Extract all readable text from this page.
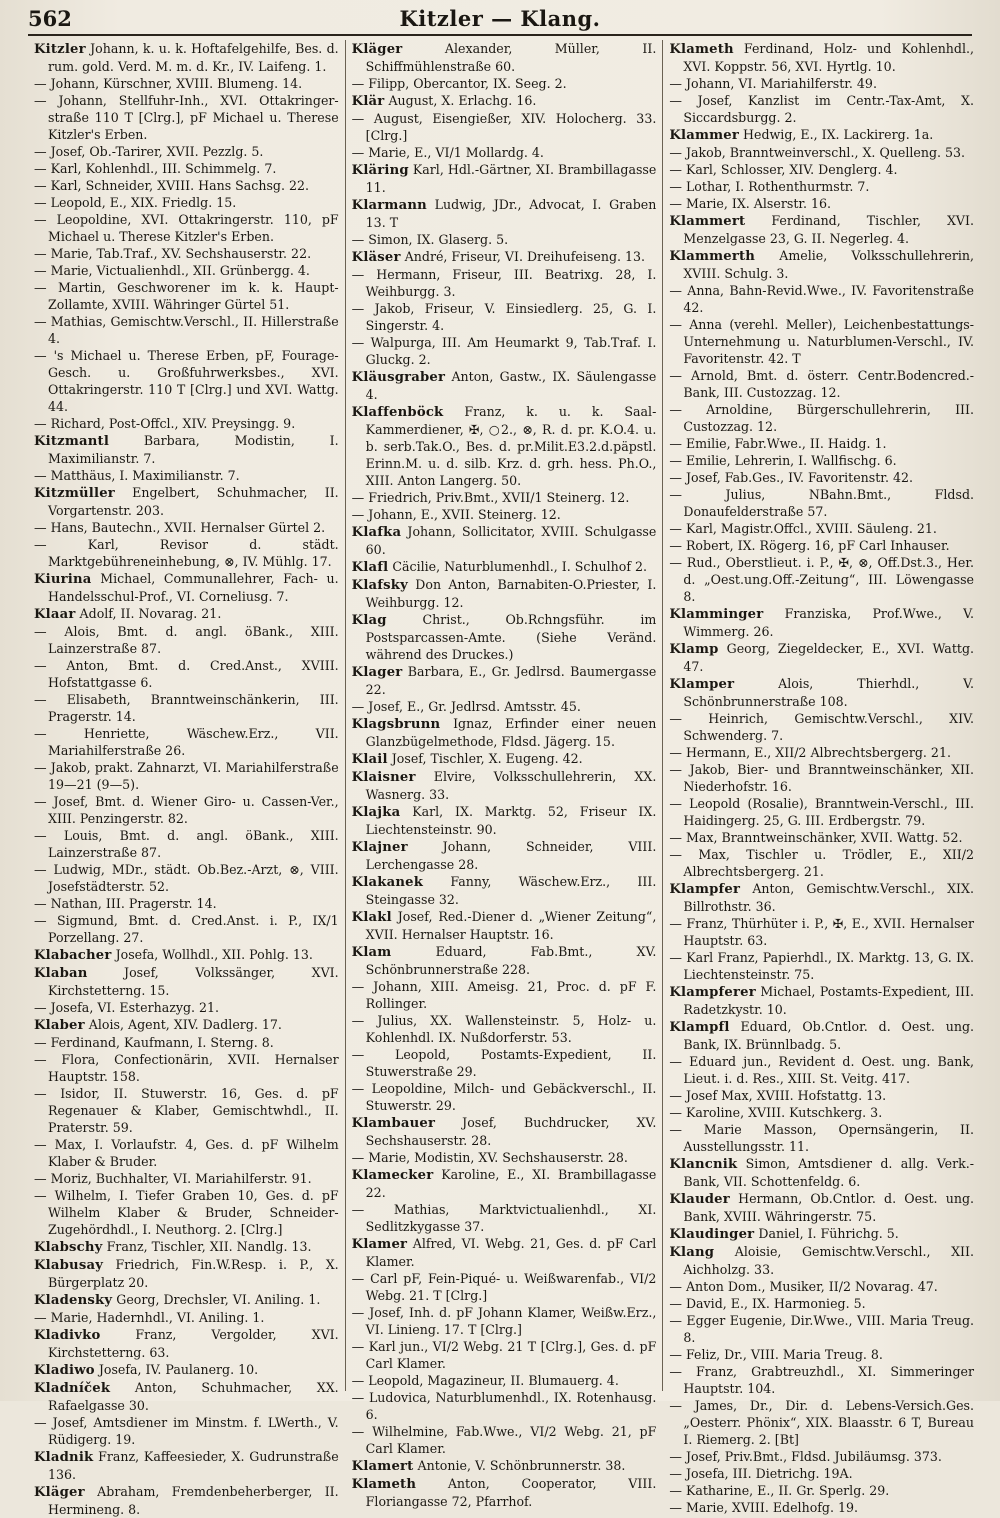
562	Kitzler — Klang.

Kitzler Johann, k. u. k. Hoftafelgehilfe, Bes. d. rum. gold. Verd. M. m. d. Kr., IV. Laifeng. 1.

— Johann, Kürschner, XVIII. Blumeng. 14.

— Johann, Stellfuhr-Inh., XVI. Ottakringer-straße 110 T [Clrg.], pF Michael u. Therese Kitzler's Erben.

— Josef, Ob.-Tarirer, XVII. Pezzlg. 5.

— Karl, Kohlenhdl., III. Schimmelg. 7.

— Karl, Schneider, XVIII. Hans Sachsg. 22.

— Leopold, E., XIX. Friedlg. 15.

— Leopoldine, XVI. Ottakringerstr. 110, pF Michael u. Therese Kitzler's Erben.

— Marie, Tab.Traf., XV. Sechshauserstr. 22.

— Marie, Victualienhdl., XII. Grünbergg. 4.

— Martin, Geschworener im k. k. Haupt-Zollamte, XVIII. Währinger Gürtel 51.

— Mathias, Gemischtw.Verschl., II. Hillerstraße 4.

— 's Michael u. Therese Erben, pF, Fourage-Gesch. u. Großfuhrwerksbes., XVI. Ottakringerstr. 110 T [Clrg.] und XVI. Wattg. 44.

— Richard, Post-Offcl., XIV. Preysingg. 9.

Kitzmantl	Barbara, Modistin, I. Maximilianstr. 7.

— Matthäus, I. Maximilianstr. 7.

Kitzmüller Engelbert, Schuhmacher, II. Vorgartenstr. 203.

— Hans, Bautechn., XVII. Hernalser Gürtel 2.

— Karl, Revisor d. städt. Marktgebühreneinhebung, ⊗, IV. Mühlg. 17.

Kiurina Michael, Communallehrer, Fach- u. Handelsschul-Prof., VI. Corneliusg. 7.

Klaar Adolf, II. Novarag. 21.

— Alois, Bmt. d. angl. öBank., XIII. Lainzerstraße 87.

— Anton, Bmt. d. Cred.Anst., XVIII. Hofstattgasse 6.

— Elisabeth, Branntweinschänkerin, III. Pragerstr. 14.

— Henriette, Wäschew.Erz., VII. Mariahilferstraße 26.

— Jakob, prakt. Zahnarzt, VI. Mariahilferstraße 19—21 (9—5).

— Josef, Bmt. d. Wiener Giro- u. Cassen-Ver., XIII. Penzingerstr. 82.

— Louis, Bmt. d. angl. öBank., XIII. Lainzerstraße 87.

— Ludwig, MDr., städt. Ob.Bez.-Arzt, ⊗, VIII. Josefstädterstr. 52.

— Nathan, III. Pragerstr. 14.

— Sigmund, Bmt. d. Cred.Anst. i. P., IX/1 Porzellang. 27.

Klabacher Josefa, Wollhdl., XII. Pohlg. 13.

Klaban	Josef, Volkssänger, XVI. Kirchstetterng. 15.

— Josefa, VI. Esterhazyg. 21.

Klaber Alois, Agent, XIV. Dadlerg. 17.

— Ferdinand, Kaufmann, I. Sterng. 8.

— Flora, Confectionärin, XVII. Hernalser Hauptstr. 158.

— Isidor, II. Stuwerstr. 16, Ges. d. pF Regenauer & Klaber, Gemischtwhdl., II. Praterstr. 59.

— Max, I. Vorlaufstr. 4, Ges. d. pF Wilhelm Klaber & Bruder.

— Moriz, Buchhalter, VI. Mariahilferstr. 91.

— Wilhelm, I. Tiefer Graben 10, Ges. d. pF Wilhelm Klaber & Bruder, Schneider-Zugehördhdl., I. Neuthorg. 2. [Clrg.]

Klabschy Franz, Tischler, XII. Nandlg. 13.

Klabusay Friedrich, Fin.W.Resp. i. P., X. Bürgerplatz 20.

Kladensky Georg, Drechsler, VI. Aniling. 1.

— Marie, Hadernhdl., VI. Aniling. 1.

Kladivko	Franz, Vergolder, XVI. Kirchstetterng. 63.

Kladiwo Josefa, IV. Paulanerg. 10.

Kladníček Anton, Schuhmacher, XX. Rafaelgasse 30.

— Josef, Amtsdiener im Minstm. f. LWerth., V. Rüdigerg. 19.

Kladnik Franz, Kaffeesieder, X. Gudrunstraße 136.

Kläger Abraham, Fremdenbeherberger, II. Hermineng. 8.

Kläger	Alexander, Müller, II. Schiffmühlenstraße 60.

— Filipp, Obercantor, IX. Seeg. 2.

Klär August, X. Erlachg. 16.

— August, Eisengießer, XIV. Holocherg. 33. [Clrg.]

— Marie, E., VI/1 Mollardg. 4.

Kläring Karl, Hdl.-Gärtner, XI. Brambillagasse 11.

Klarmann Ludwig, JDr., Advocat, I. Graben 13. T

— Simon, IX. Glaserg. 5.

Kläser André, Friseur, VI. Dreihufeiseng. 13.

— Hermann, Friseur, III. Beatrixg. 28, I. Weihburgg. 3.

— Jakob, Friseur, V. Einsiedlerg. 25, G. I. Singerstr. 4.

— Walpurga, III. Am Heumarkt 9, Tab.Traf. I. Gluckg. 2.

Kläusgraber Anton, Gastw., IX. Säulengasse 4.

Klaffenböck Franz, k. u. k. Saal-Kammerdiener, ✠, ○2., ⊗, R. d. pr. K.O.4. u. b. serb.Tak.O., Bes. d. pr.Milit.E3.2.d.päpstl. Erinn.M. u. d. silb. Krz. d. grh. hess. Ph.O., XIII. Anton Langerg. 50.

— Friedrich, Priv.Bmt., XVII/1 Steinerg. 12.

— Johann, E., XVII. Steinerg. 12.

Klafka Johann, Sollicitator, XVIII. Schulgasse 60.

Klafl Cäcilie, Naturblumenhdl., I. Schulhof 2.

Klafsky Don Anton, Barnabiten-O.Priester, I. Weihburgg. 12.

Klag	Christ., Ob.Rchngsführ. im Postsparcassen-Amte. (Siehe Veränd. während des Druckes.)

Klager Barbara, E., Gr. Jedlrsd. Baumergasse 22.

— Josef, E., Gr. Jedlrsd. Amtsstr. 45.

Klagsbrunn Ignaz, Erfinder einer neuen Glanzbügelmethode, Fldsd. Jägerg. 15.

Klail Josef, Tischler, X. Eugeng. 42.

Klaisner Elvire, Volksschullehrerin, XX. Wasnerg. 33.

Klajka Karl, IX. Marktg. 52, Friseur IX. Liechtensteinstr. 90.

Klajner	Johann, Schneider, VIII. Lerchengasse 28.

Klakanek Fanny, Wäschew.Erz., III. Steingasse 32.

Klakl Josef, Red.-Diener d. „Wiener Zeitung“, XVII. Hernalser Hauptstr. 16.

Klam	Eduard, Fab.Bmt., XV. Schönbrunnerstraße 228.

— Johann, XIII. Ameisg. 21, Proc. d. pF F. Rollinger.

— Julius, XX. Wallensteinstr. 5, Holz- u. Kohlenhdl. IX. Nußdorferstr. 53.

— Leopold, Postamts-Expedient, II. Stuwerstraße 29.

— Leopoldine, Milch- und Gebäckverschl., II. Stuwerstr. 29.

Klambauer Josef, Buchdrucker, XV. Sechshauserstr. 28.

— Marie, Modistin, XV. Sechshauserstr. 28.

Klamecker Karoline, E., XI. Brambillagasse 22.

— Mathias, Marktvictualienhdl., XI. Sedlitzkygasse 37.

Klamer Alfred, VI. Webg. 21, Ges. d. pF Carl Klamer.

— Carl pF, Fein-Piqué- u. Weißwarenfab., VI/2 Webg. 21. T [Clrg.]

— Josef, Inh. d. pF Johann Klamer, Weißw.Erz., VI. Linieng. 17. T [Clrg.]

— Karl jun., VI/2 Webg. 21 T [Clrg.], Ges. d. pF Carl Klamer.

— Leopold, Magazineur, II. Blumauerg. 4.

— Ludovica, Naturblumenhdl., IX. Rotenhausg. 6.

— Wilhelmine, Fab.Wwe., VI/2 Webg. 21, pF Carl Klamer.

Klamert Antonie, V. Schönbrunnerstr. 38.

Klameth	Anton, Cooperator, VIII. Floriangasse 72, Pfarrhof.

Klameth Ferdinand, Holz- und Kohlenhdl., XVI. Koppstr. 56, XVI. Hyrtlg. 10.

— Johann, VI. Mariahilferstr. 49.

— Josef, Kanzlist im Centr.-Tax-Amt, X. Siccardsburgg. 2.

Klammer Hedwig, E., IX. Lackirerg. 1a.

— Jakob, Branntweinverschl., X. Quelleng. 53.

— Karl, Schlosser, XIV. Denglerg. 4.

— Lothar, I. Rothenthurmstr. 7.

— Marie, IX. Alserstr. 16.

Klammert Ferdinand, Tischler, XVI. Menzelgasse 23, G. II. Negerleg. 4.

Klammerth Amelie, Volksschullehrerin, XVIII. Schulg. 3.

— Anna, Bahn-Revid.Wwe., IV. Favoritenstraße 42.

— Anna (verehl. Meller), Leichenbestattungs-Unternehmung u. Naturblumen-Verschl., IV. Favoritenstr. 42. T

— Arnold, Bmt. d. österr. Centr.Bodencred.-Bank, III. Custozzag. 12.

— Arnoldine, Bürgerschullehrerin, III. Custozzag. 12.

— Emilie, Fabr.Wwe., II. Haidg. 1.

— Emilie, Lehrerin, I. Wallfischg. 6.

— Josef, Fab.Ges., IV. Favoritenstr. 42.

— Julius, NBahn.Bmt., Fldsd. Donaufelderstraße 57.

— Karl, Magistr.Offcl., XVIII. Säuleng. 21.

— Robert, IX. Rögerg. 16, pF Carl Inhauser.

— Rud., Oberstlieut. i. P., ✠, ⊗, Off.Dst.3., Her. d. „Oest.ung.Off.-Zeitung“, III. Löwengasse 8.

Klamminger Franziska, Prof.Wwe., V. Wimmerg. 26.

Klamp Georg, Ziegeldecker, E., XVI. Wattg. 47.

Klamper	Alois, Thierhdl., V. Schönbrunnerstraße 108.

— Heinrich, Gemischtw.Verschl., XIV. Schwenderg. 7.

— Hermann, E., XII/2 Albrechtsbergerg. 21.

— Jakob, Bier- und Branntweinschänker, XII. Niederhofstr. 16.

— Leopold (Rosalie), Branntwein-Verschl., III. Haidingerg. 25, G. III. Erdbergstr. 79.

— Max, Branntweinschänker, XVII. Wattg. 52.

— Max, Tischler u. Trödler, E., XII/2 Albrechtsbergerg. 21.

Klampfer Anton, Gemischtw.Verschl., XIX. Billrothstr. 36.

— Franz, Thürhüter i. P., ✠, E., XVII. Hernalser Hauptstr. 63.

— Karl Franz, Papierhdl., IX. Marktg. 13, G. IX. Liechtensteinstr. 75.

Klampferer Michael, Postamts-Expedient, III. Radetzkystr. 10.

Klampfl Eduard, Ob.Cntlor. d. Oest. ung. Bank, IX. Brünnlbadg. 5.

— Eduard jun., Revident d. Oest. ung. Bank, Lieut. i. d. Res., XIII. St. Veitg. 417.

— Josef Max, XVIII. Hofstattg. 13.

— Karoline, XVIII. Kutschkerg. 3.

— Marie Masson, Opernsängerin, II. Ausstellungsstr. 11.

Klancnik Simon, Amtsdiener d. allg. Verk.-Bank, VII. Schottenfeldg. 6.

Klauder Hermann, Ob.Cntlor. d. Oest. ung. Bank, XVIII. Währingerstr. 75.

Klaudinger Daniel, I. Führichg. 5.

Klang Aloisie, Gemischtw.Verschl., XII. Aichholzg. 33.

— Anton Dom., Musiker, II/2 Novarag. 47.

— David, E., IX. Harmonieg. 5.

— Egger Eugenie, Dir.Wwe., VIII. Maria Treug. 8.

— Feliz, Dr., VIII. Maria Treug. 8.

— Franz, Grabtreuzhdl., XI. Simmeringer Hauptstr. 104.

— James, Dr., Dir. d. Lebens-Versich.Ges. „Oesterr. Phönix“, XIX. Blaasstr. 6 T, Bureau I. Riemerg. 2. [Bt]

— Josef, Priv.Bmt., Fldsd. Jubiläumsg. 373.

— Josefa, III. Dietrichg. 19A.

— Katharine, E., II. Gr. Sperlg. 29.

— Marie, XVIII. Edelhofg. 19.
